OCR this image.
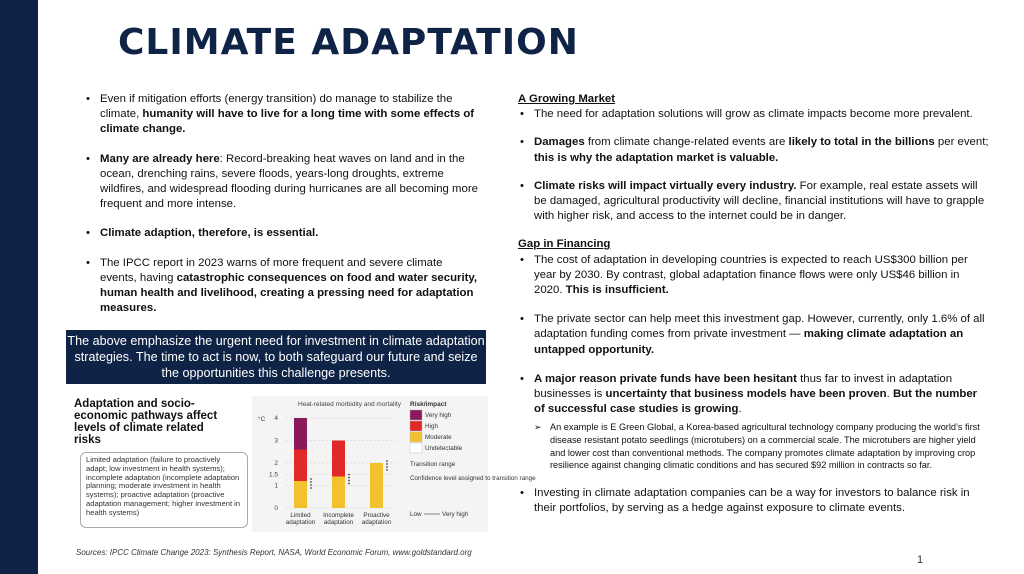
CLIMATE ADAPTATION
• Even if mitigation efforts (energy transition) do manage to stabilize the climate, humanity will have to live for a long time with some effects of climate change.
• Many are already here: Record-breaking heat waves on land and in the ocean, drenching rains, severe floods, years-long droughts, extreme wildfires, and widespread flooding during hurricanes are all becoming more frequent and more intense.
• Climate adaption, therefore, is essential.
• The IPCC report in 2023 warns of more frequent and severe climate events, having catastrophic consequences on food and water security, human health and livelihood, creating a pressing need for adaptation measures.
The above emphasize the urgent need for investment in climate adaptation strategies. The time to act is now, to both safeguard our future and seize the opportunities this challenge presents.
Adaptation and socio-economic pathways affect levels of climate related risks
Limited adaptation (failure to proactively adapt; low investment in health systems); incomplete adaptation (incomplete adaptation planning; moderate investment in health systems); proactive adaptation (proactive adaptation management; higher investment in health systems)
Heat-related morbidity and mortality
°C
0
1
1.5
2
3
4
Limited
adaptation
Incomplete
adaptation
Proactive
adaptation
Risk/impact
Very high
High
Moderate
Undetectable
Transition range
Confidence level assigned to transition range
Low	Very high

A Growing Market

• The need for adaptation solutions will grow as climate impacts become more prevalent.
• Damages from climate change-related events are likely to total in the billions per event; this is why the adaptation market is valuable.
• Climate risks will impact virtually every industry. For example, real estate assets will be damaged, agricultural productivity will decline, financial institutions will have to grapple with higher risk, and access to the internet could be in danger.

Gap in Financing

• The cost of adaptation in developing countries is expected to reach US$300 billion per year by 2030. By contrast, global adaptation finance flows were only US$46 billion in 2020. This is insufficient.
• The private sector can help meet this investment gap. However, currently, only 1.6% of all adaptation funding comes from private investment — making climate adaptation an untapped opportunity.
• A major reason private funds have been hesitant thus far to invest in adaptation businesses is uncertainty that business models have been proven. But the number of successful case studies is growing.
➢ An example is E Green Global, a Korea-based agricultural technology company producing the world’s first disease resistant potato seedlings (microtubers) on a commercial scale. The microtubers are higher yield and lower cost than conventional methods. The company promotes climate adaptation by improving crop resilience against changing climatic conditions and has secured $92 million in contracts so far.
• Investing in climate adaptation companies can be a way for investors to balance risk in their portfolios, by serving as a hedge against exposure to climate events.
Sources: IPCC Climate Change 2023: Synthesis Report, NASA, World Economic Forum, www.goldstandard.org
1
